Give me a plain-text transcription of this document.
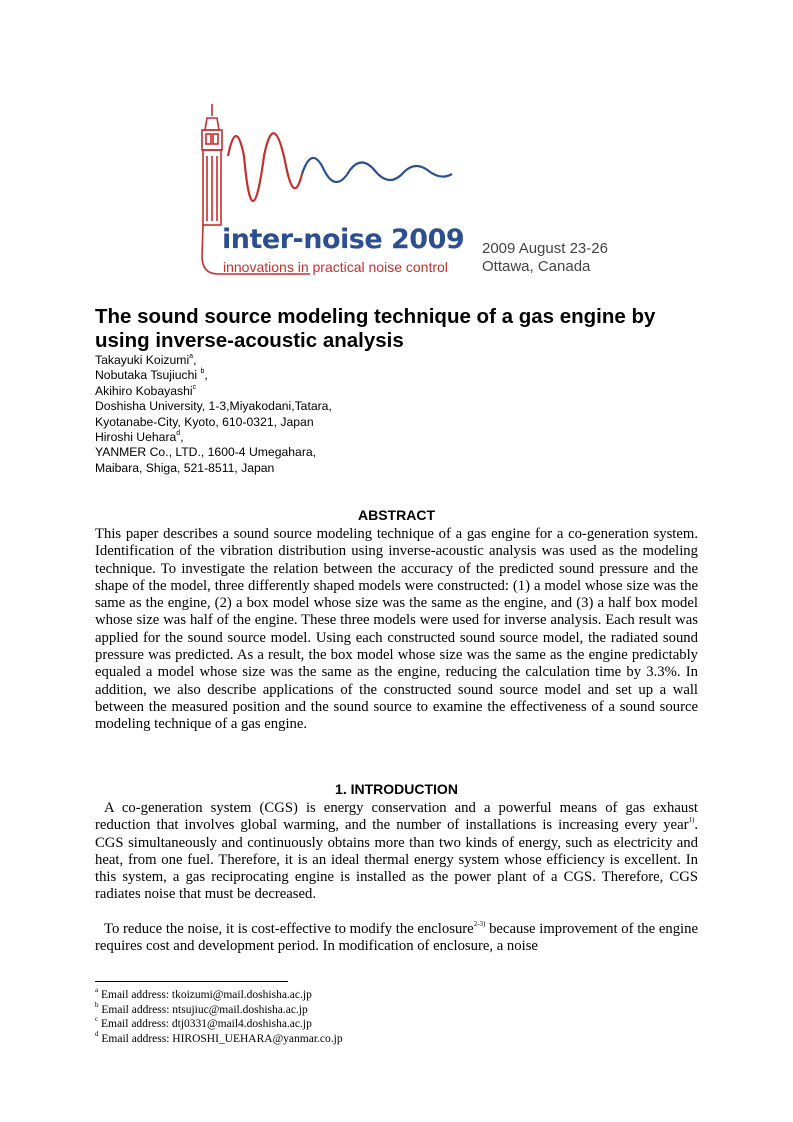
inter-noise 2009
innovations in practical noise control
2009 August 23-26
Ottawa, Canada
The sound source modeling technique of a gas engine by using inverse-acoustic analysis
Takayuki Koizumi$^a$,
Nobutaka Tsujiuchi $^b$,
Akihiro Kobayashi$^c$
Doshisha University, 1-3,Miyakodani,Tatara,
Kyotanabe-City, Kyoto, 610-0321, Japan
Hiroshi Uehara$^d$,
YANMER Co., LTD., 1600-4 Umegahara,
Maibara, Shiga, 521-8511, Japan
ABSTRACT

This paper describes a sound source modeling technique of a gas engine for a co-generation system. Identification of the vibration distribution using inverse-acoustic analysis was used as the modeling technique. To investigate the relation between the accuracy of the predicted sound pressure and the shape of the model, three differently shaped models were constructed: (1) a model whose size was the same as the engine, (2) a box model whose size was the same as the engine, and (3) a half box model whose size was half of the engine. These three models were used for inverse analysis. Each result was applied for the sound source model. Using each constructed sound source model, the radiated sound pressure was predicted. As a result, the box model whose size was the same as the engine predictably equaled a model whose size was the same as the engine, reducing the calculation time by 3.3%. In addition, we also describe applications of the constructed sound source model and set up a wall between the measured position and the sound source to examine the effectiveness of a sound source modeling technique of a gas engine.

1. INTRODUCTION

A co-generation system (CGS) is energy conservation and a powerful means of gas exhaust reduction that involves global warming, and the number of installations is increasing every year$^{1)}$. CGS simultaneously and continuously obtains more than two kinds of energy, such as electricity and heat, from one fuel. Therefore, it is an ideal thermal energy system whose efficiency is excellent. In this system, a gas reciprocating engine is installed as the power plant of a CGS. Therefore, CGS radiates noise that must be decreased.

To reduce the noise, it is cost-effective to modify the enclosure$^{2-3)}$ because improvement of the engine requires cost and development period. In modification of enclosure, a noise

$^a$ Email address: tkoizumi@mail.doshisha.ac.jp
$^b$ Email address: ntsujiuc@mail.doshisha.ac.jp
$^c$ Email address: dtj0331@mail4.doshisha.ac.jp
$^d$ Email address: HIROSHI_UEHARA@yanmar.co.jp
